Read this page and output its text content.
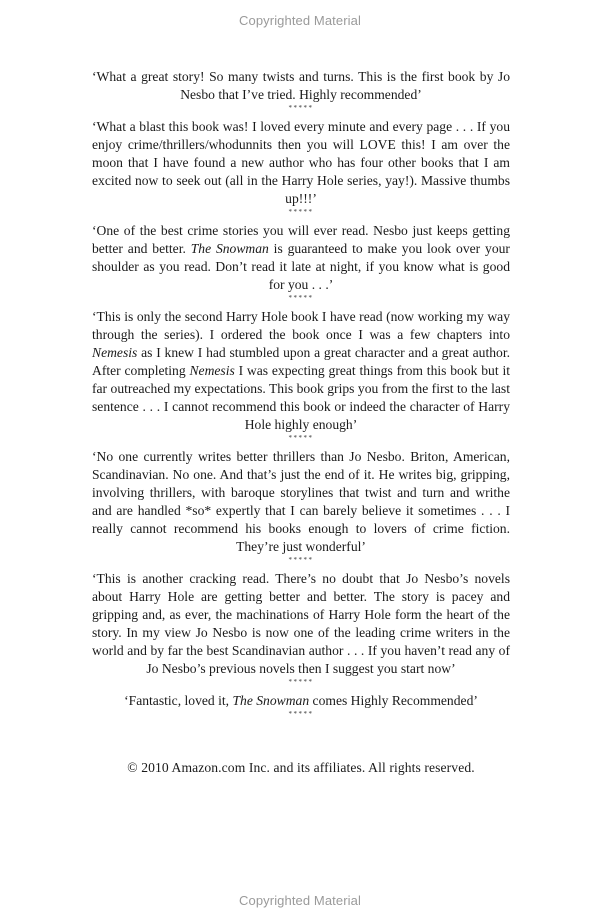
Copyrighted Material

‘What a great story! So many twists and turns. This is the first book by Jo Nesbo that I’ve tried. Highly recommended’

*****

‘What a blast this book was! I loved every minute and every page . . . If you enjoy crime/thrillers/whodunnits then you will LOVE this! I am over the moon that I have found a new author who has four other books that I am excited now to seek out (all in the Harry Hole series, yay!). Massive thumbs up!!!’

*****

‘One of the best crime stories you will ever read. Nesbo just keeps getting better and better. The Snowman is guaranteed to make you look over your shoulder as you read. Don’t read it late at night, if you know what is good for you . . .’

*****

‘This is only the second Harry Hole book I have read (now working my way through the series). I ordered the book once I was a few chapters into Nemesis as I knew I had stumbled upon a great character and a great author. After completing Nemesis I was expecting great things from this book but it far outreached my expectations. This book grips you from the first to the last sentence . . . I cannot recommend this book or indeed the character of Harry Hole highly enough’

*****

‘No one currently writes better thrillers than Jo Nesbo. Briton, American, Scandinavian. No one. And that’s just the end of it. He writes big, gripping, involving thrillers, with baroque storylines that twist and turn and writhe and are handled *so* expertly that I can barely believe it sometimes . . . I really cannot recommend his books enough to lovers of crime fiction. They’re just wonderful’

*****

‘This is another cracking read. There’s no doubt that Jo Nesbo’s novels about Harry Hole are getting better and better. The story is pacey and gripping and, as ever, the machinations of Harry Hole form the heart of the story. In my view Jo Nesbo is now one of the leading crime writers in the world and by far the best Scandinavian author . . . If you haven’t read any of Jo Nesbo’s previous novels then I suggest you start now’

*****

‘Fantastic, loved it, The Snowman comes Highly Recommended’

*****
© 2010 Amazon.com Inc. and its affiliates. All rights reserved.
Copyrighted Material
